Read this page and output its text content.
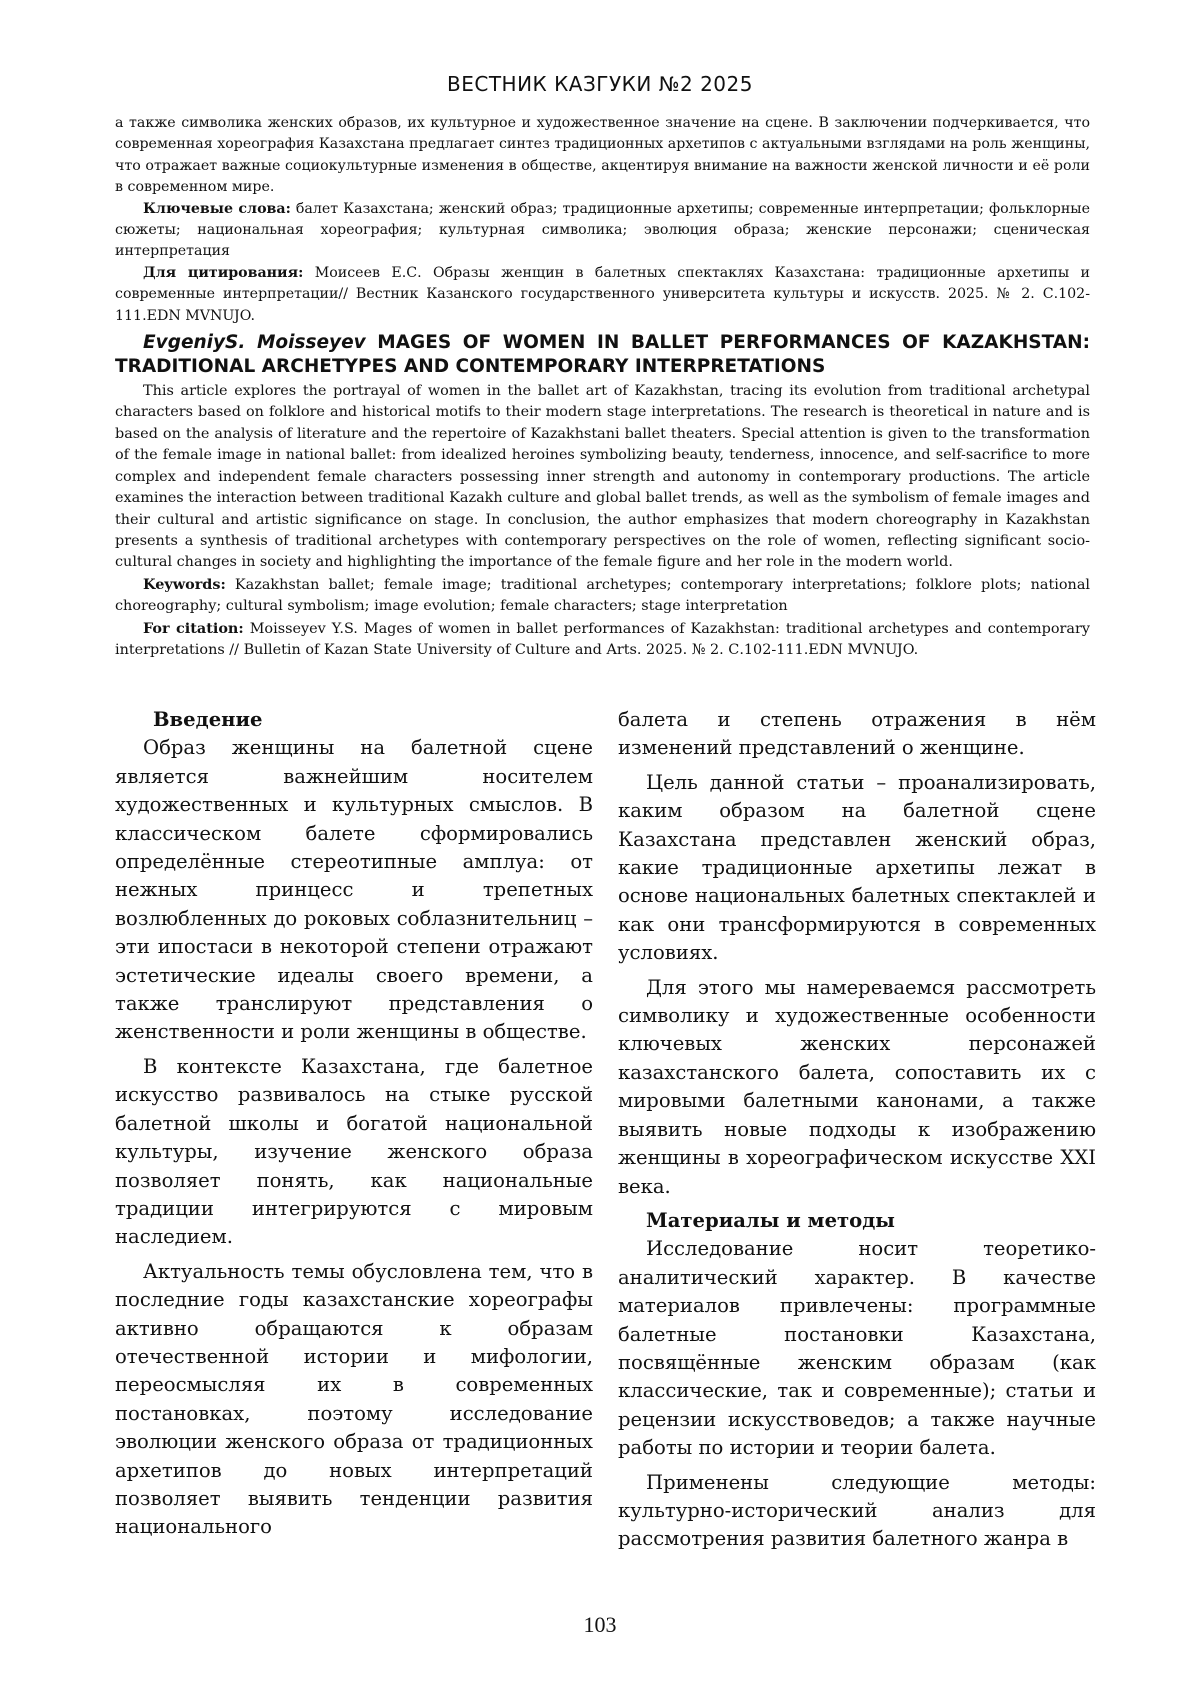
ВЕСТНИК КАЗГУКИ №2 2025

а также символика женских образов, их культурное и художественное значение на сцене. В заключении подчеркивается, что современная хореография Казахстана предлагает синтез традиционных архетипов с актуальными взглядами на роль женщины, что отражает важные социокультурные изменения в обществе, акцентируя внимание на важности женской личности и её роли в современном мире.

Ключевые слова: балет Казахстана; женский образ; традиционные архетипы; современные интерпретации; фольклорные сюжеты; национальная хореография; культурная символика; эволюция образа; женские персонажи; сценическая интерпретация

Для цитирования: Моисеев Е.С. Образы женщин в балетных спектаклях Казахстана: традиционные архетипы и современные интерпретации// Вестник Казанского государственного университета культуры и искусств. 2025. № 2. С.102-111.EDN MVNUJO.

EvgeniyS. Moisseyev MAGES OF WOMEN IN BALLET PERFORMANCES OF KAZAKHSTAN: TRADITIONAL ARCHETYPES AND CONTEMPORARY INTERPRETATIONS

This article explores the portrayal of women in the ballet art of Kazakhstan, tracing its evolution from traditional archetypal characters based on folklore and historical motifs to their modern stage interpretations. The research is theoretical in nature and is based on the analysis of literature and the repertoire of Kazakhstani ballet theaters. Special attention is given to the transformation of the female image in national ballet: from idealized heroines symbolizing beauty, tenderness, innocence, and self-sacrifice to more complex and independent female characters possessing inner strength and autonomy in contemporary productions. The article examines the interaction between traditional Kazakh culture and global ballet trends, as well as the symbolism of female images and their cultural and artistic significance on stage. In conclusion, the author emphasizes that modern choreography in Kazakhstan presents a synthesis of traditional archetypes with contemporary perspectives on the role of women, reflecting significant socio-cultural changes in society and highlighting the importance of the female figure and her role in the modern world.

Keywords: Kazakhstan ballet; female image; traditional archetypes; contemporary interpretations; folklore plots; national choreography; cultural symbolism; image evolution; female characters; stage interpretation

For citation: Moisseyev Y.S. Mages of women in ballet performances of Kazakhstan: traditional archetypes and contemporary interpretations // Bulletin of Kazan State University of Culture and Arts. 2025. № 2. С.102-111.EDN MVNUJO.

Введение

Образ женщины на балетной сцене является важнейшим носителем художественных и культурных смыслов. В классическом балете сформировались определённые стереотипные амплуа: от нежных принцесс и трепетных возлюбленных до роковых соблазнительниц – эти ипостаси в некоторой степени отражают эстетические идеалы своего времени, а также транслируют представления о женственности и роли женщины в обществе.

В контексте Казахстана, где балетное искусство развивалось на стыке русской балетной школы и богатой национальной культуры, изучение женского образа позволяет понять, как национальные традиции интегрируются с мировым наследием.

Актуальность темы обусловлена тем, что в последние годы казахстанские хореографы активно обращаются к образам отечественной истории и мифологии, переосмысляя их в современных постановках, поэтому исследование эволюции женского образа от традиционных архетипов до новых интерпретаций позволяет выявить тенденции развития национального

балета и степень отражения в нём изменений представлений о женщине.

Цель данной статьи – проанализировать, каким образом на балетной сцене Казахстана представлен женский образ, какие традиционные архетипы лежат в основе национальных балетных спектаклей и как они трансформируются в современных условиях.

Для этого мы намереваемся рассмотреть символику и художественные особенности ключевых женских персонажей казахстанского балета, сопоставить их с мировыми балетными канонами, а также выявить новые подходы к изображению женщины в хореографическом искусстве XXI века.

Материалы и методы

Исследование носит теоретико-аналитический характер. В качестве материалов привлечены: программные балетные постановки Казахстана, посвящённые женским образам (как классические, так и современные); статьи и рецензии искусствоведов; а также научные работы по истории и теории балета.

Применены следующие методы: культурно-исторический анализ для рассмотрения развития балетного жанра в

103
